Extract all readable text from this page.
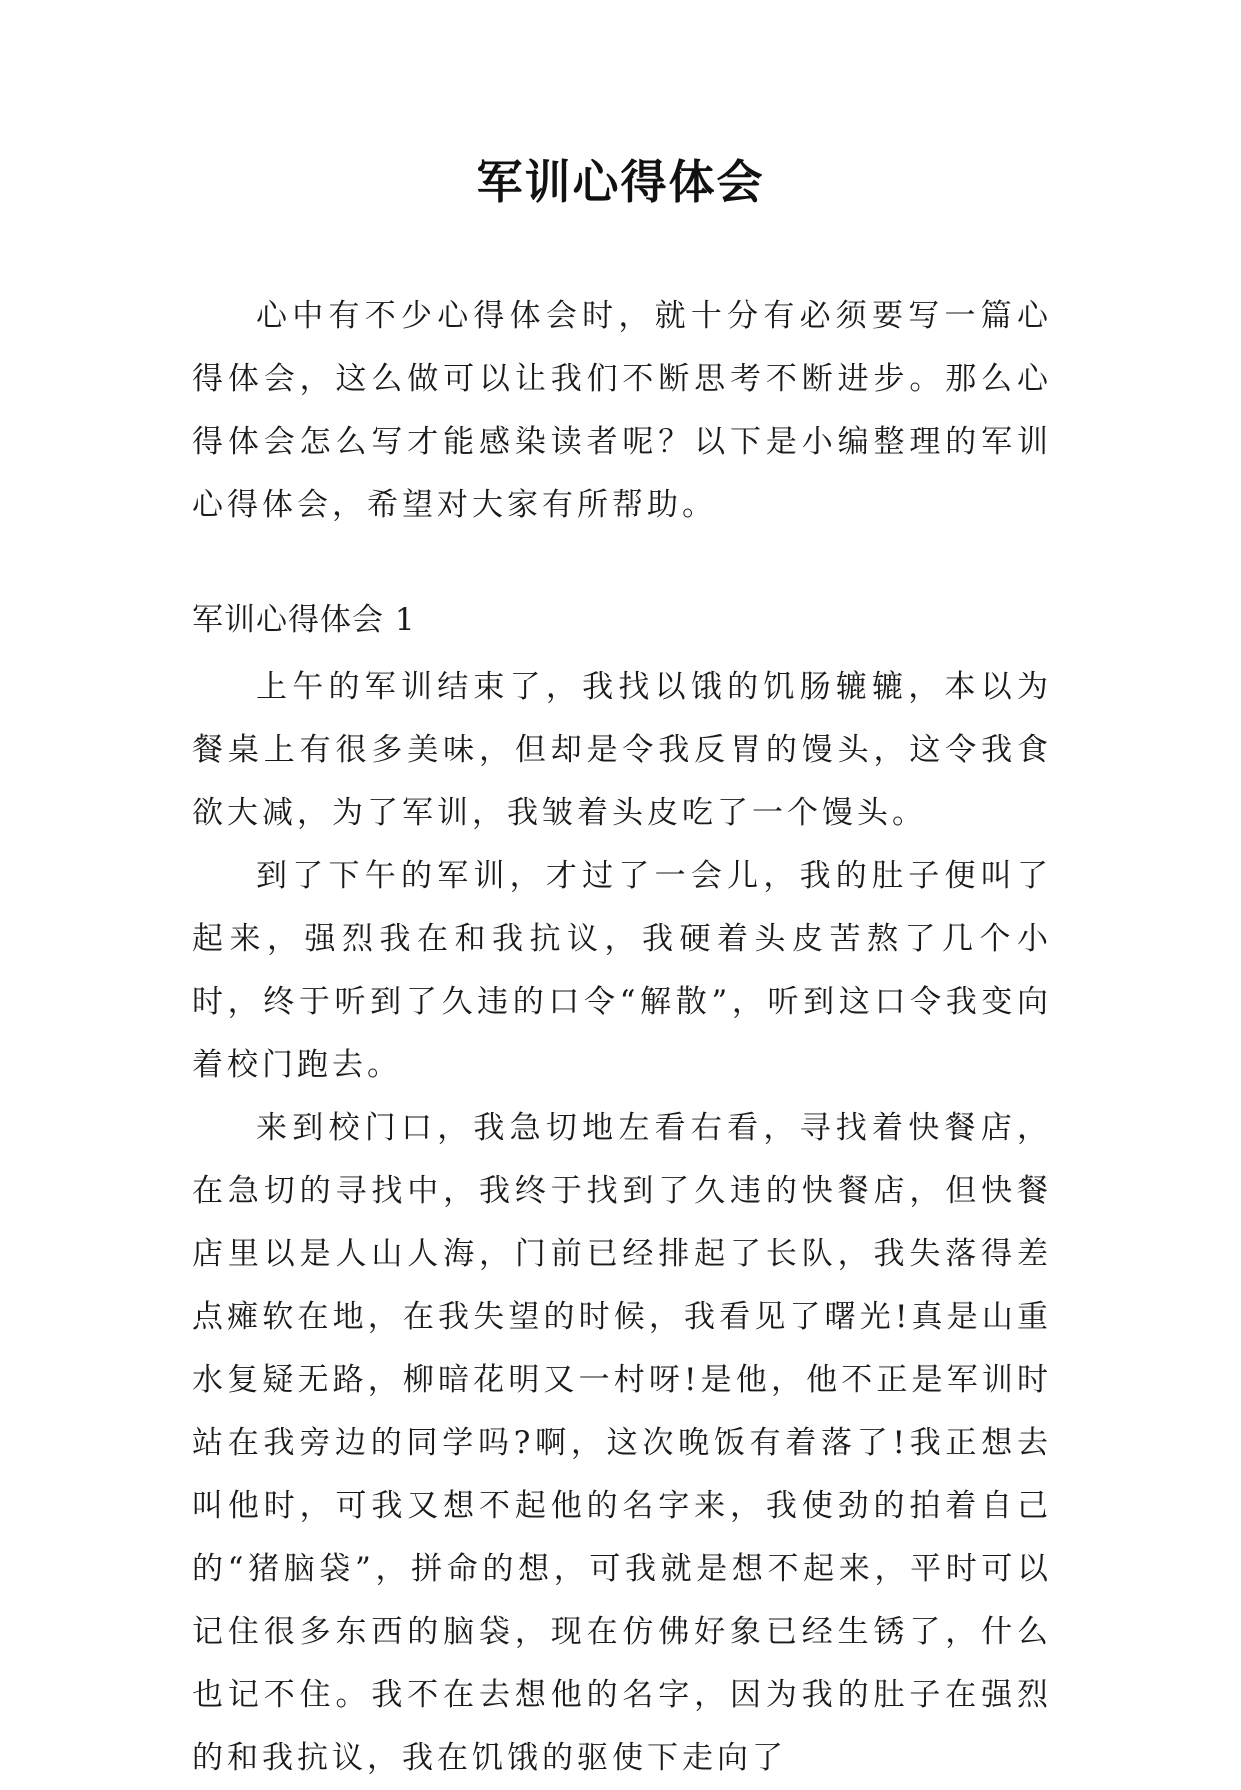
军训心得体会

心中有不少心得体会时，就十分有必须要写一篇心得体会，这么做可以让我们不断思考不断进步。那么心得体会怎么写才能感染读者呢？以下是小编整理的军训心得体会，希望对大家有所帮助。

军训心得体会 1

上午的军训结束了，我找以饿的饥肠辘辘，本以为餐桌上有很多美味，但却是令我反胃的馒头，这令我食欲大减，为了军训，我皱着头皮吃了一个馒头。

到了下午的军训，才过了一会儿，我的肚子便叫了起来，强烈我在和我抗议，我硬着头皮苦熬了几个小时，终于听到了久违的口令“解散”，听到这口令我变向着校门跑去。

来到校门口，我急切地左看右看，寻找着快餐店，在急切的寻找中，我终于找到了久违的快餐店，但快餐店里以是人山人海，门前已经排起了长队，我失落得差点瘫软在地，在我失望的时候，我看见了曙光!真是山重水复疑无路，柳暗花明又一村呀!是他，他不正是军训时站在我旁边的同学吗?啊，这次晚饭有着落了!我正想去叫他时，可我又想不起他的名字来，我使劲的拍着自己的“猪脑袋”，拼命的想，可我就是想不起来，平时可以记住很多东西的脑袋，现在仿佛好象已经生锈了，什么也记不住。我不在去想他的名字，因为我的肚子在强烈的和我抗议，我在饥饿的驱使下走向了
